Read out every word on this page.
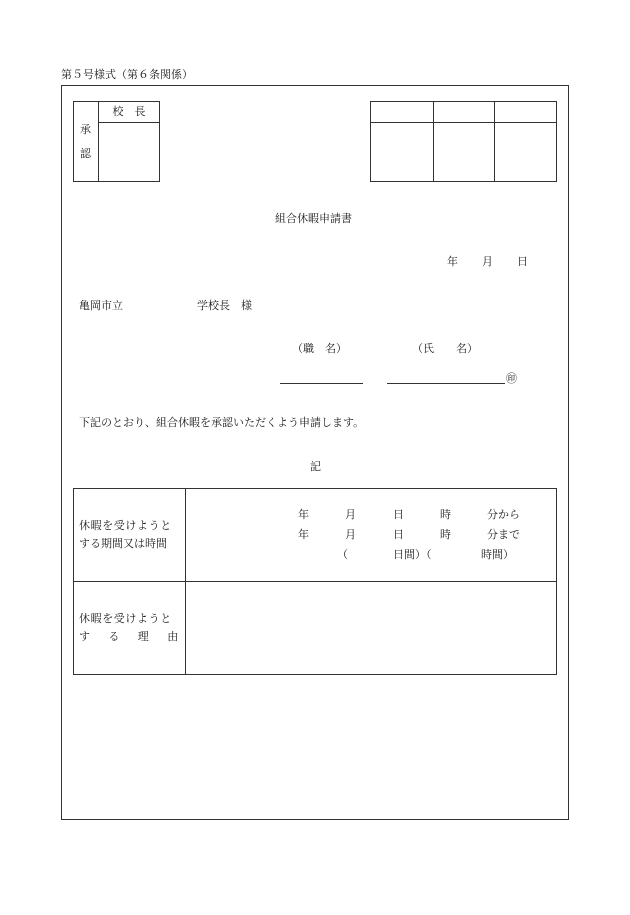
第５号様式（第６条関係）
承
認
校　長
組合休暇申請書
年 月 日
亀岡市立	学校長　様
（職　名）	（氏　　名）
㊞
下記のとおり、組合休暇を承認いただくよう申請します。
記
休暇を受けようと
する期間又は時間
年	月	日	時	分から
年	月	日	時	分まで
（	日間）（	時間）
休暇を受けようと
す　る　理　由
